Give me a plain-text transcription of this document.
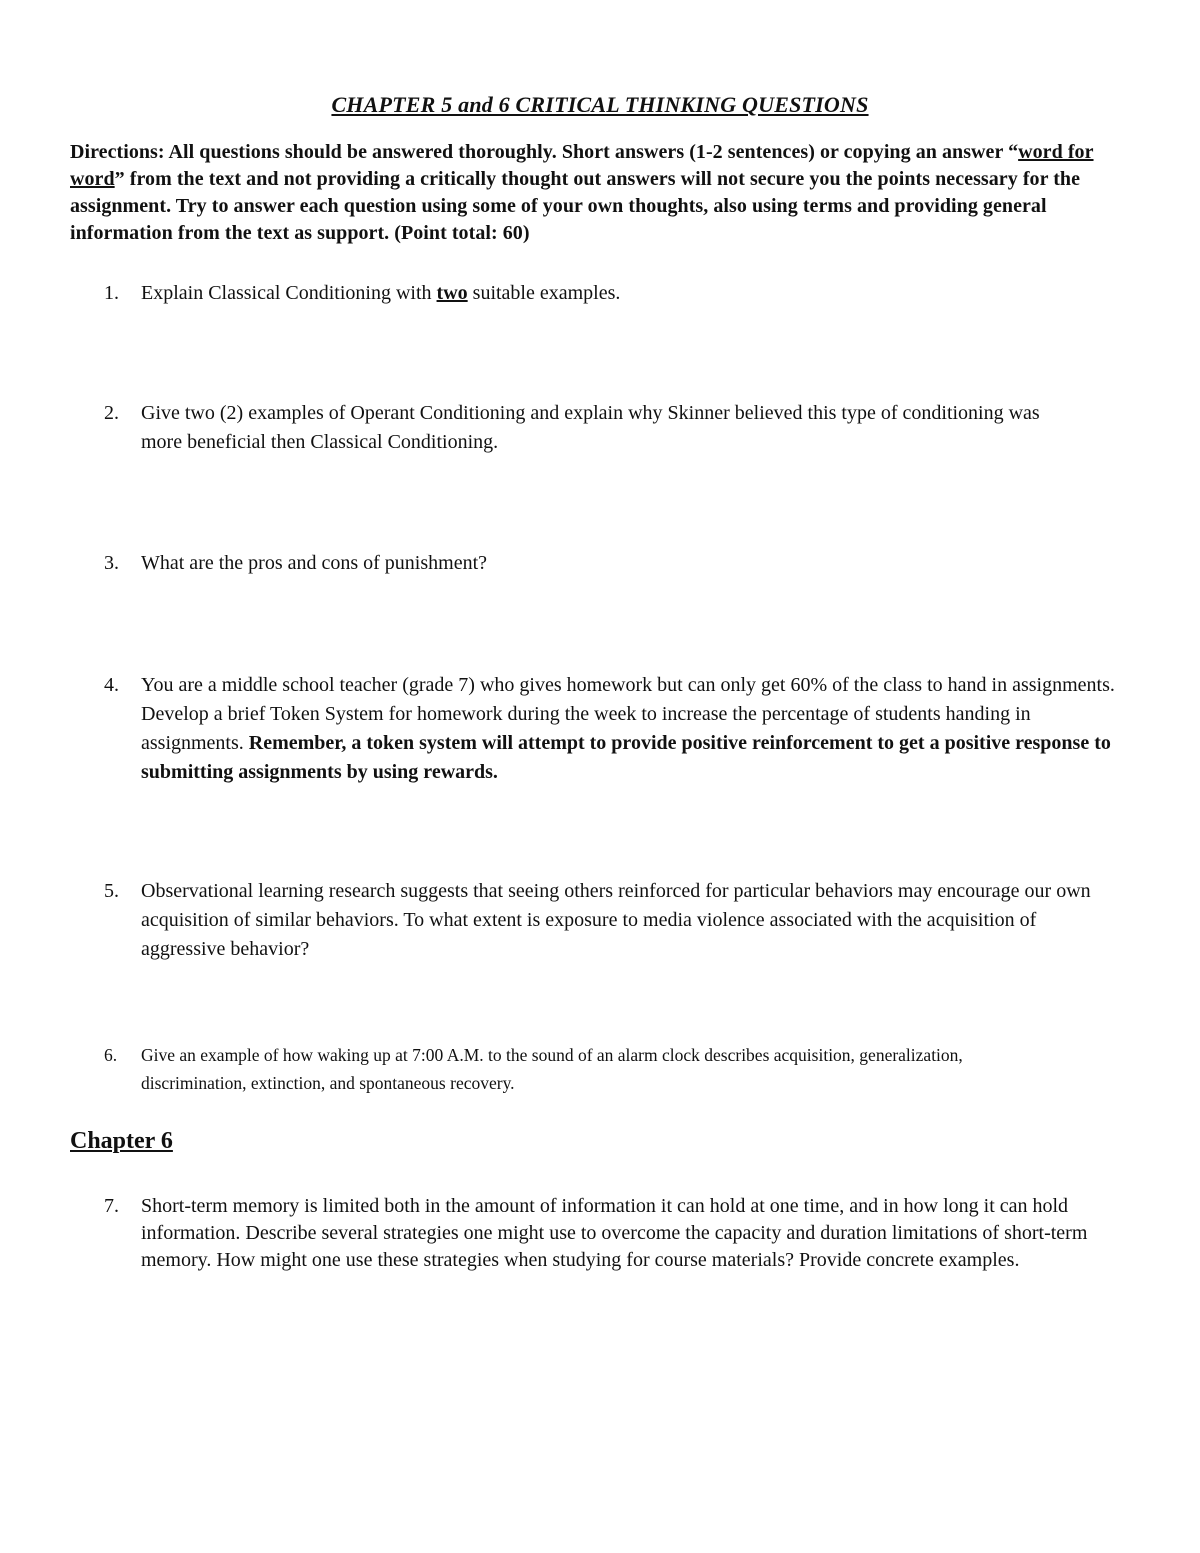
CHAPTER 5 and 6 CRITICAL THINKING QUESTIONS
Directions: All questions should be answered thoroughly. Short answers (1-2 sentences) or copying an answer “word for word” from the text and not providing a critically thought out answers will not secure you the points necessary for the assignment. Try to answer each question using some of your own thoughts, also using terms and providing general information from the text as support. (Point total: 60)
1.	Explain Classical Conditioning with two suitable examples.
2.	Give two (2) examples of Operant Conditioning and explain why Skinner believed this type of conditioning was more beneficial then Classical Conditioning.
3.	What are the pros and cons of punishment?
4.	You are a middle school teacher (grade 7) who gives homework but can only get 60% of the class to hand in assignments. Develop a brief Token System for homework during the week to increase the percentage of students handing in assignments. Remember, a token system will attempt to provide positive reinforcement to get a positive response to submitting assignments by using rewards.
5.	Observational learning research suggests that seeing others reinforced for particular behaviors may encourage our own acquisition of similar behaviors. To what extent is exposure to media violence associated with the acquisition of aggressive behavior?
6.	Give an example of how waking up at 7:00 A.M. to the sound of an alarm clock describes acquisition, generalization, discrimination, extinction, and spontaneous recovery.
Chapter 6
7.	Short-term memory is limited both in the amount of information it can hold at one time, and in how long it can hold information. Describe several strategies one might use to overcome the capacity and duration limitations of short-term memory. How might one use these strategies when studying for course materials? Provide concrete examples.
